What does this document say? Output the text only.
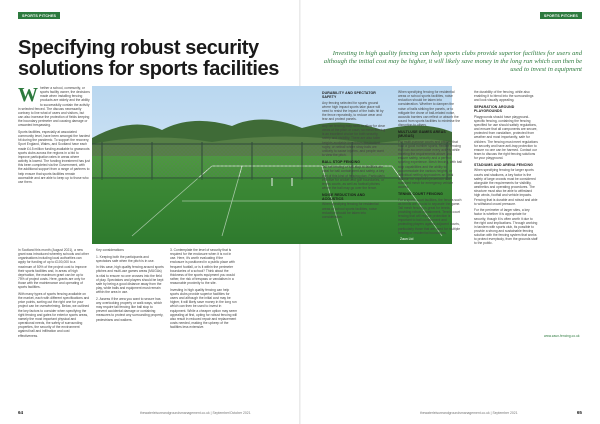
SPORTS PITCHES	SPORTS PITCHES
Specifying robust security
solutions for sports facilities
Investing in high quality fencing can help sports clubs provide superior facilities for users and although the initial cost may be higher, it will likely save money in the long run which can then be used to invest in equipment
Zaun Ltd
W hether a school, community, or sports facility owner, the decisions made when installing fencing products are widely and the ability to successfully contain the activity in selected fenced. The discuss necessarily contrary to line what of users and visitors, but can also increase the protection of fields keeping the boundary perimeter and causing damage or unwanted trespassing.

Sports facilities, especially at associated community level, have been amongst the hardest hit during the pandemic. To support the recovery, Sport England, Wales, and Scotland have each made £4.5 million funding available to grassroots sports clubs across the regions in a bid to improve participation rates in areas where activity is lowest. The funding investment has just this been completed via the Government, with the additional support from a range of partners to help ensure that sports facilities remain accessible and are able to keep up to those who use them.

In Scotland this month (August 2021), a new grant was introduced whereby schools and other organisations including local authorities can apply for funding of up to £100,000 to a maximum of 50% of the project cost to improve their sports facilities and, in areas of high deprivation, the maximum grant can be up to 75% of project costs. Here, grants are only for those with the maintenance and operating of sports facilities.

With many types of sports fencing available on the market, each with different specifications and price points, sorting out the right one for your project can be overwhelming. Below, we outlined the key factors to consider when specifying the right fencing and gates for exterior sports areas, namely the most important physical and operational needs, the safety of surrounding properties, the security of the environment against ball and infiltration and cost effectiveness.

Key considerations

1. Keeping both the participants and spectators safe when the pitch is in use.

In this case, high quality fencing around sports pitches and multi-use games areas (MUGAs) is vital to ensure no one crosses into the field of play. Spectators and players should be kept safe by being a good distance away from the play, while balls and equipment must remain within the area in use.

2. Assess if the area you want to secure has any overlooking property or walk ways, which may require tall fencing like ball stop to prevent accidental damage or containing measures to protect any surrounding property, pedestrians and walkers.

3. Contemplate the level of security that is required for the enclosure when it is not in use. Here, it's worth evaluating if the enclosure is positioned in a public place with frequent footfall, or is it within the perimeter boundaries of a school? Think about the thickness of the sports equipment you would rather, the risk of trespass or vandalism in a reasonable proximity to the site.

Investing in high quality fencing can help sports clubs provide superior facilities for users and although the initial cost may be higher, it will likely save money in the long run which can then be used to invest in equipment. While a cheaper option may seem appealing at first, opting for robust fencing will also result in reduced repair and replacement costs needed, making the upkeep of the facilities less extensive.

DURABILITY AND SPECTATOR SAFETY

Any fencing selected for sports ground where high impact sports take place will need to resist the impact of the balls hit by the fence repeatedly, to reduce wear and tear and protect panels.

Any net fencing may need to allow for clear views of the pitch or court, so mesh fencing is an excellent choice for both security, safety and visibility. There are also taller heights available for pitches like football, rugby, or netball where stray balls are unlikely to cause injuries, and people want to view the pitch.

BALL STOP FENCING

Tall net fencing or ball stop to facilities are ideal for ball containment and safety, a key part of this kind of fencing plan. Particularly effective for cricket and golf boundaries, or tennis courts, as well as football pitches where the ball may go over the fence.

NOISE REDUCTION AND ACOUSTICS

When specifying fencing for residential areas or school sports facilities, noise reduction should be taken into consideration.

When specifying fencing for residential areas or school sports facilities, noise reduction should be taken into consideration. Whether to dampen the noise of balls striking the panels, or to mitigate the drone of ball-related noise, acoustic barriers can reflect or absorb the sound from sports facilities to minimise the disruption to others.

MULTI-USE GAMES AREAS (MUGAS)

For multi-purpose courts and pitches that host a good number sports, flexible fencing that can accommodate every activity while meeting the requirements above and ensure safety, security and a perfect sporting experience. Mesh fencing, with ball stop capabilities and the ability to accommodate the various heights, or individual netting approaches an ideal solution for improved protection than standard mesh for emergency vehicle access.

TENNIS COURT FENCING

For a sports court facilities, the fences such as tennis are crucial to separate the game. Tall mesh fencing is great for tennis, providing robust containment. Tennis court fencing that will require protection is important to ball containment and protecting players against adjacent courts, particularly those that are used for multiple fencing or residential boundaries.

the durability of the fencing, while also enabling it to blend into the surroundings and look visually appealing.

SEPARATION AROUND PLAYGROUNDS

Playgrounds should have playground-specific fencing, containing the fencing specified for use should satisfy regulations, and ensure that all components are secure, protected from vandalism, protected from weather and most importantly, safe for children. The fencing must meet regulations for security and have anti-trap protection to ensure no one can be harmed. Contact our team to discuss the right fencing solutions for your playground.

STADIUMS AND ARENA FENCING

When specifying fencing for larger sports courts and stadiums, a key factor is the safety of large crowds must be considered alongside the requirements for visibility, aesthetics and operating procedures. The structure must also be able to withstand high winds, footfall and vehicle impacts. Fencing that is durable and robust and able to withstand crowd pressure.

For the perimeter of larger sites, a key factor is whether it is appropriate for security, though it is often worth it due to the right cost implications. Through working in tandem with sports club, its possible to provide a strong and sustainable fencing solution with the fencing system that works to protect everybody, from the grounds staff to the public.

www.zaun-fencing.co.uk
64	65
thewaterleisureandgroundsmanagement.co.uk | September/October 2021	thewaterleisureandgroundsmanagement.co.uk | September 2021
